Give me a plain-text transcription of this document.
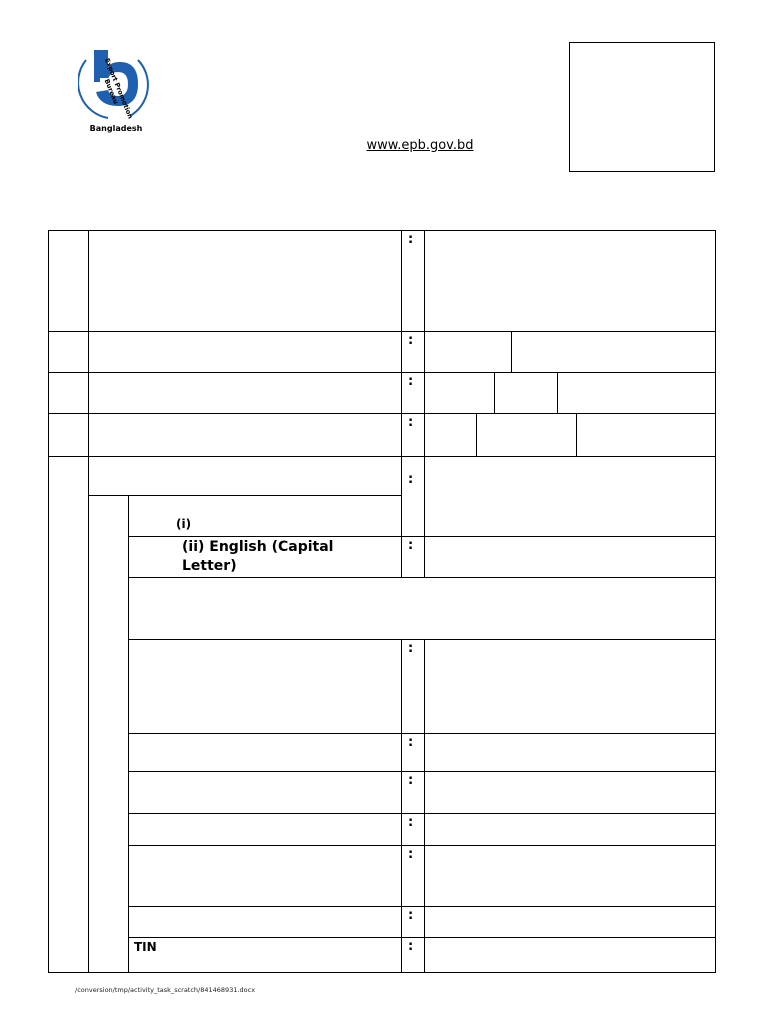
Export Promotion Bureau
Bangladesh
www.epb.gov.bd
:
:
:
:
:
(i)
(ii) English (Capital Letter)
:
:
:
:
:
:
:
TIN	:
/conversion/tmp/activity_task_scratch/841468931.docx
